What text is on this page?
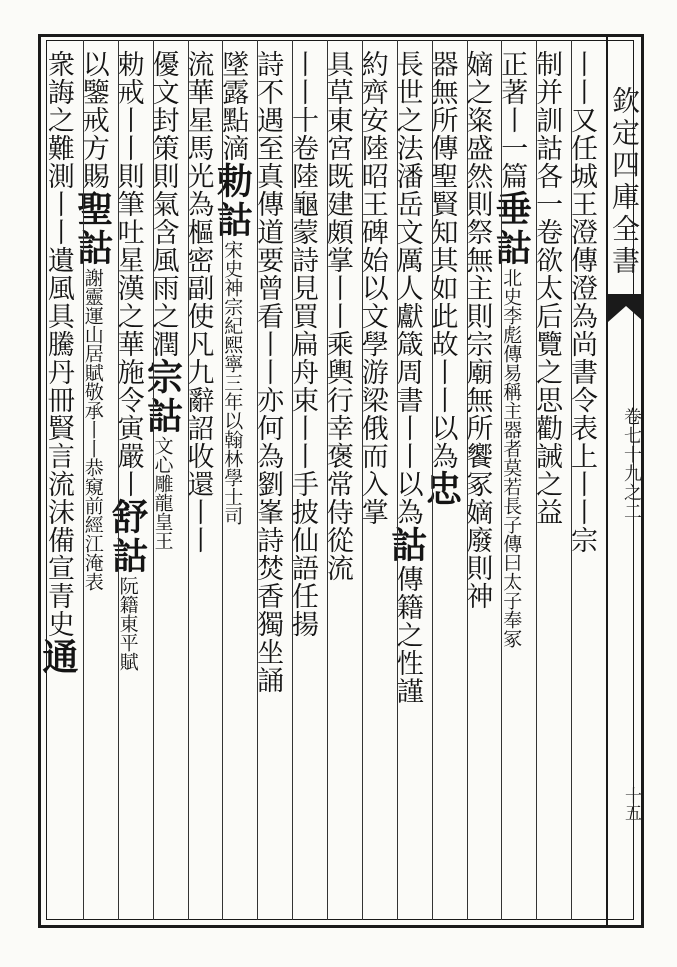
欽定四庫全書
卷七十九之二
十五
丨丨又任城王澄傳澄為尚書令表上丨丨宗
制并訓詁各一卷欲太后覽之思勸誡之益
正著丨一篇垂詁北史李彪傳易稱主器者莫若長子傳曰太子奉冢
嫡之粢盛然則祭無主則宗廟無所饗冢嫡廢則神
器無所傳聖賢知其如此故丨丨以為忠
長世之法潘岳文厲人獻箴周書丨丨以為詁傳籍之性謹
約齊安陸昭王碑始以文學游梁俄而入掌
具草東宮既建頗掌丨丨乘輿行幸褒常侍從流
丨丨十卷陸龜蒙詩見買扁舟束丨丨手披仙語任揚
詩不遇至真傳道要曾看丨丨亦何為劉峯詩焚香獨坐誦
墜露點滴勅詁宋史神宗紀熙寧三年以翰林學士司
流華星馬光為樞密副使凡九辭詔收還丨丨
優文封策則氣含風雨之潤宗詁文心雕龍皇王
勅戒丨丨則筆吐星漢之華施令寅嚴丨舒詁阮籍東平賦
以鑒戒方賜聖詁謝靈運山居賦敬承丨丨恭窺前經江淹表
衆誨之難測丨丨遺風具騰丹冊賢言流沫備宣青史通
